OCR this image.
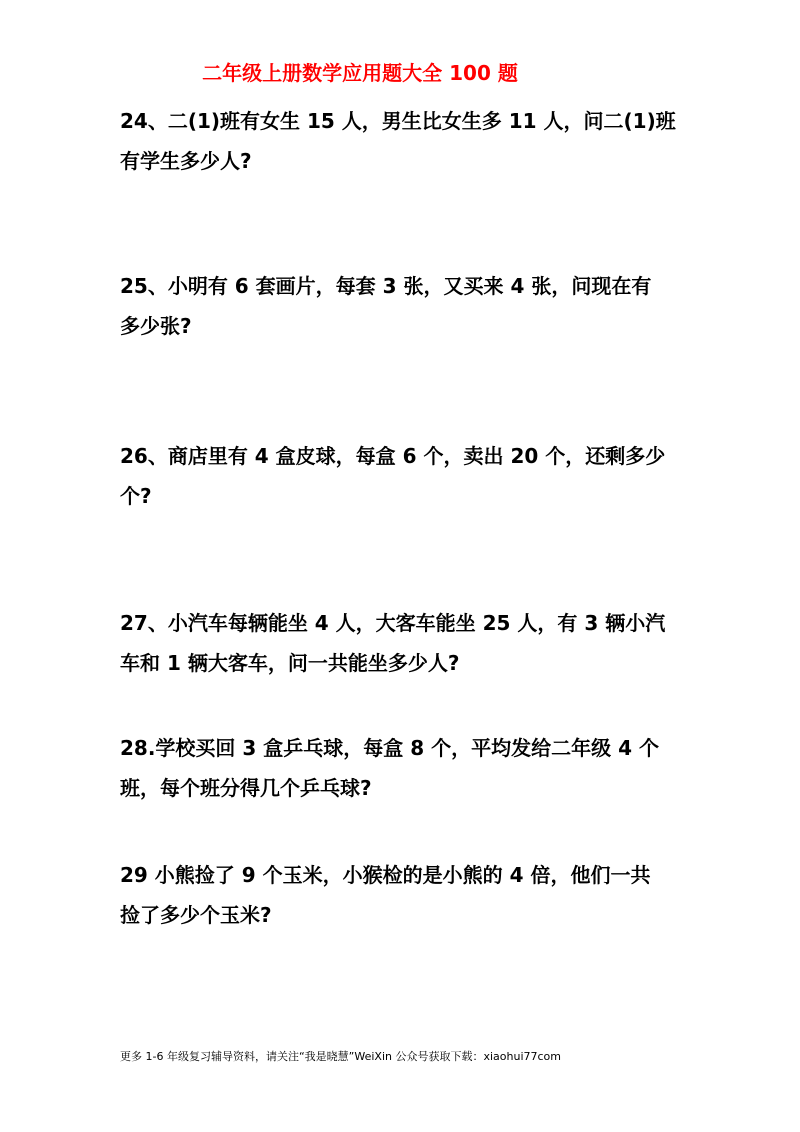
二年级上册数学应用题大全 100 题
24、二(1)班有女生 15 人，男生比女生多 11 人，问二(1)班
有学生多少人?
25、小明有 6 套画片，每套 3 张，又买来 4 张，问现在有
多少张?
26、商店里有 4 盒皮球，每盒 6 个，卖出 20 个，还剩多少
个?
27、小汽车每辆能坐 4 人，大客车能坐 25 人，有 3 辆小汽
车和 1 辆大客车，问一共能坐多少人?
28.学校买回 3 盒乒乓球，每盒 8 个，平均发给二年级 4 个
班，每个班分得几个乒乓球?
29 小熊捡了 9 个玉米，小猴检的是小熊的 4 倍，他们一共
捡了多少个玉米?
更多 1-6 年级复习辅导资料，请关注“我是晓慧”WeiXin 公众号获取下载：xiaohui77com
